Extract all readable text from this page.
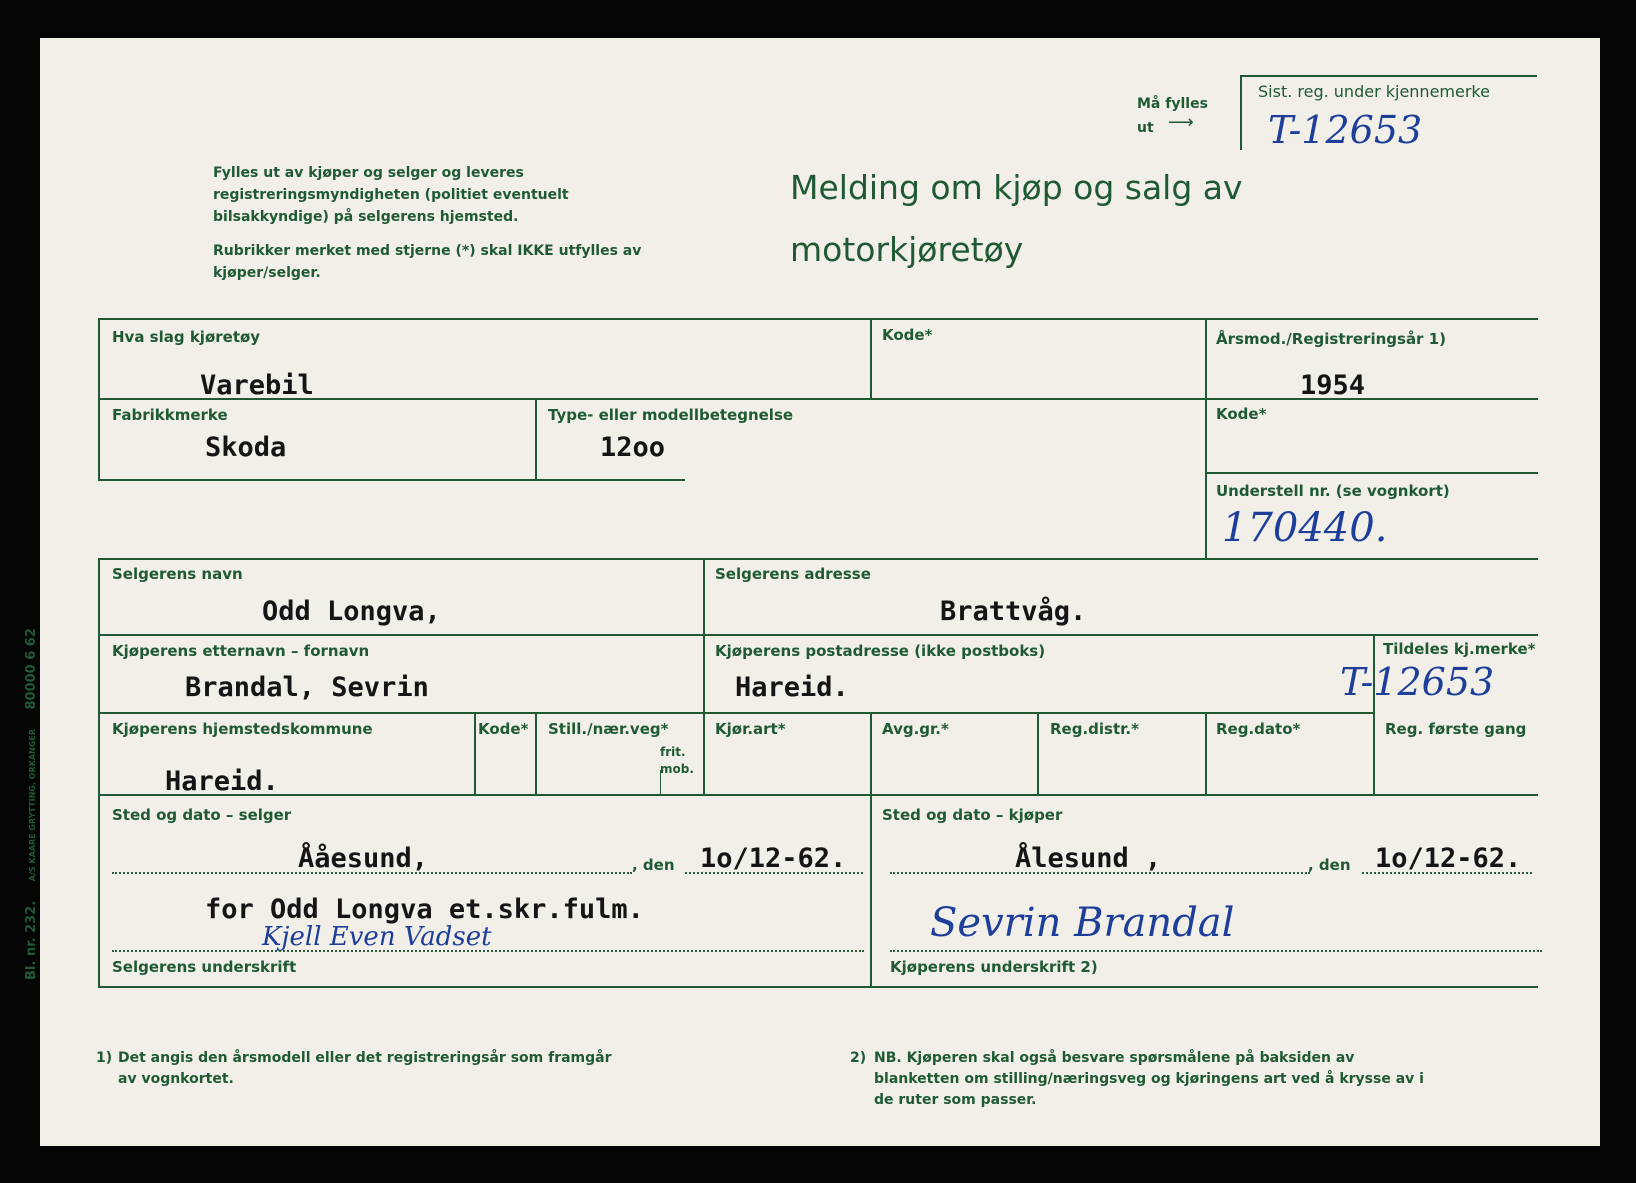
Bl. nr. 232. A/S KAARE GRYTTING, ORKANGER 80000 6 62
Fylles ut av kjøper og selger og leveres registreringsmyndigheten (politiet eventuelt bilsakkyndige) på selgerens hjemsted.
Rubrikker merket med stjerne (*) skal IKKE utfylles av kjøper/selger.
Melding om kjøp og salg av
motorkjøretøy
Må fylles
ut ⟶
Sist. reg. under kjennemerke
T-12653
Hva slag kjøretøy
Varebil
Kode*	Årsmod./Registreringsår 1)
1954
Fabrikkmerke
Skoda
Type- eller modellbetegnelse
12oo
Kode*
Understell nr. (se vognkort)
170440.
Selgerens navn
Odd Longva,
Selgerens adresse
Brattvåg.
Kjøperens etternavn – fornavn
Brandal, Sevrin
Kjøperens postadresse (ikke postboks)
Hareid.
Tildeles kj.merke*
T-12653
Kjøperens hjemstedskommune
Hareid.
Kode* Still./nær.veg*
frit.
mob.
Kjør.art*	Avg.gr.*	Reg.distr.*	Reg.dato*	Reg. første gang
Sted og dato – selger
Ååesund,	, den 1o/12-62.
for Odd Longva et.skr.fulm.
Kjell Even Vadset
Selgerens underskrift
Sted og dato – kjøper
Ålesund ,	, den 1o/12-62.
Sevrin Brandal
Kjøperens underskrift 2)
1) Det angis den årsmodell eller det registreringsår som framgår av vognkortet.
2) NB. Kjøperen skal også besvare spørsmålene på baksiden av blanketten om stilling/næringsveg og kjøringens art ved å krysse av i de ruter som passer.
